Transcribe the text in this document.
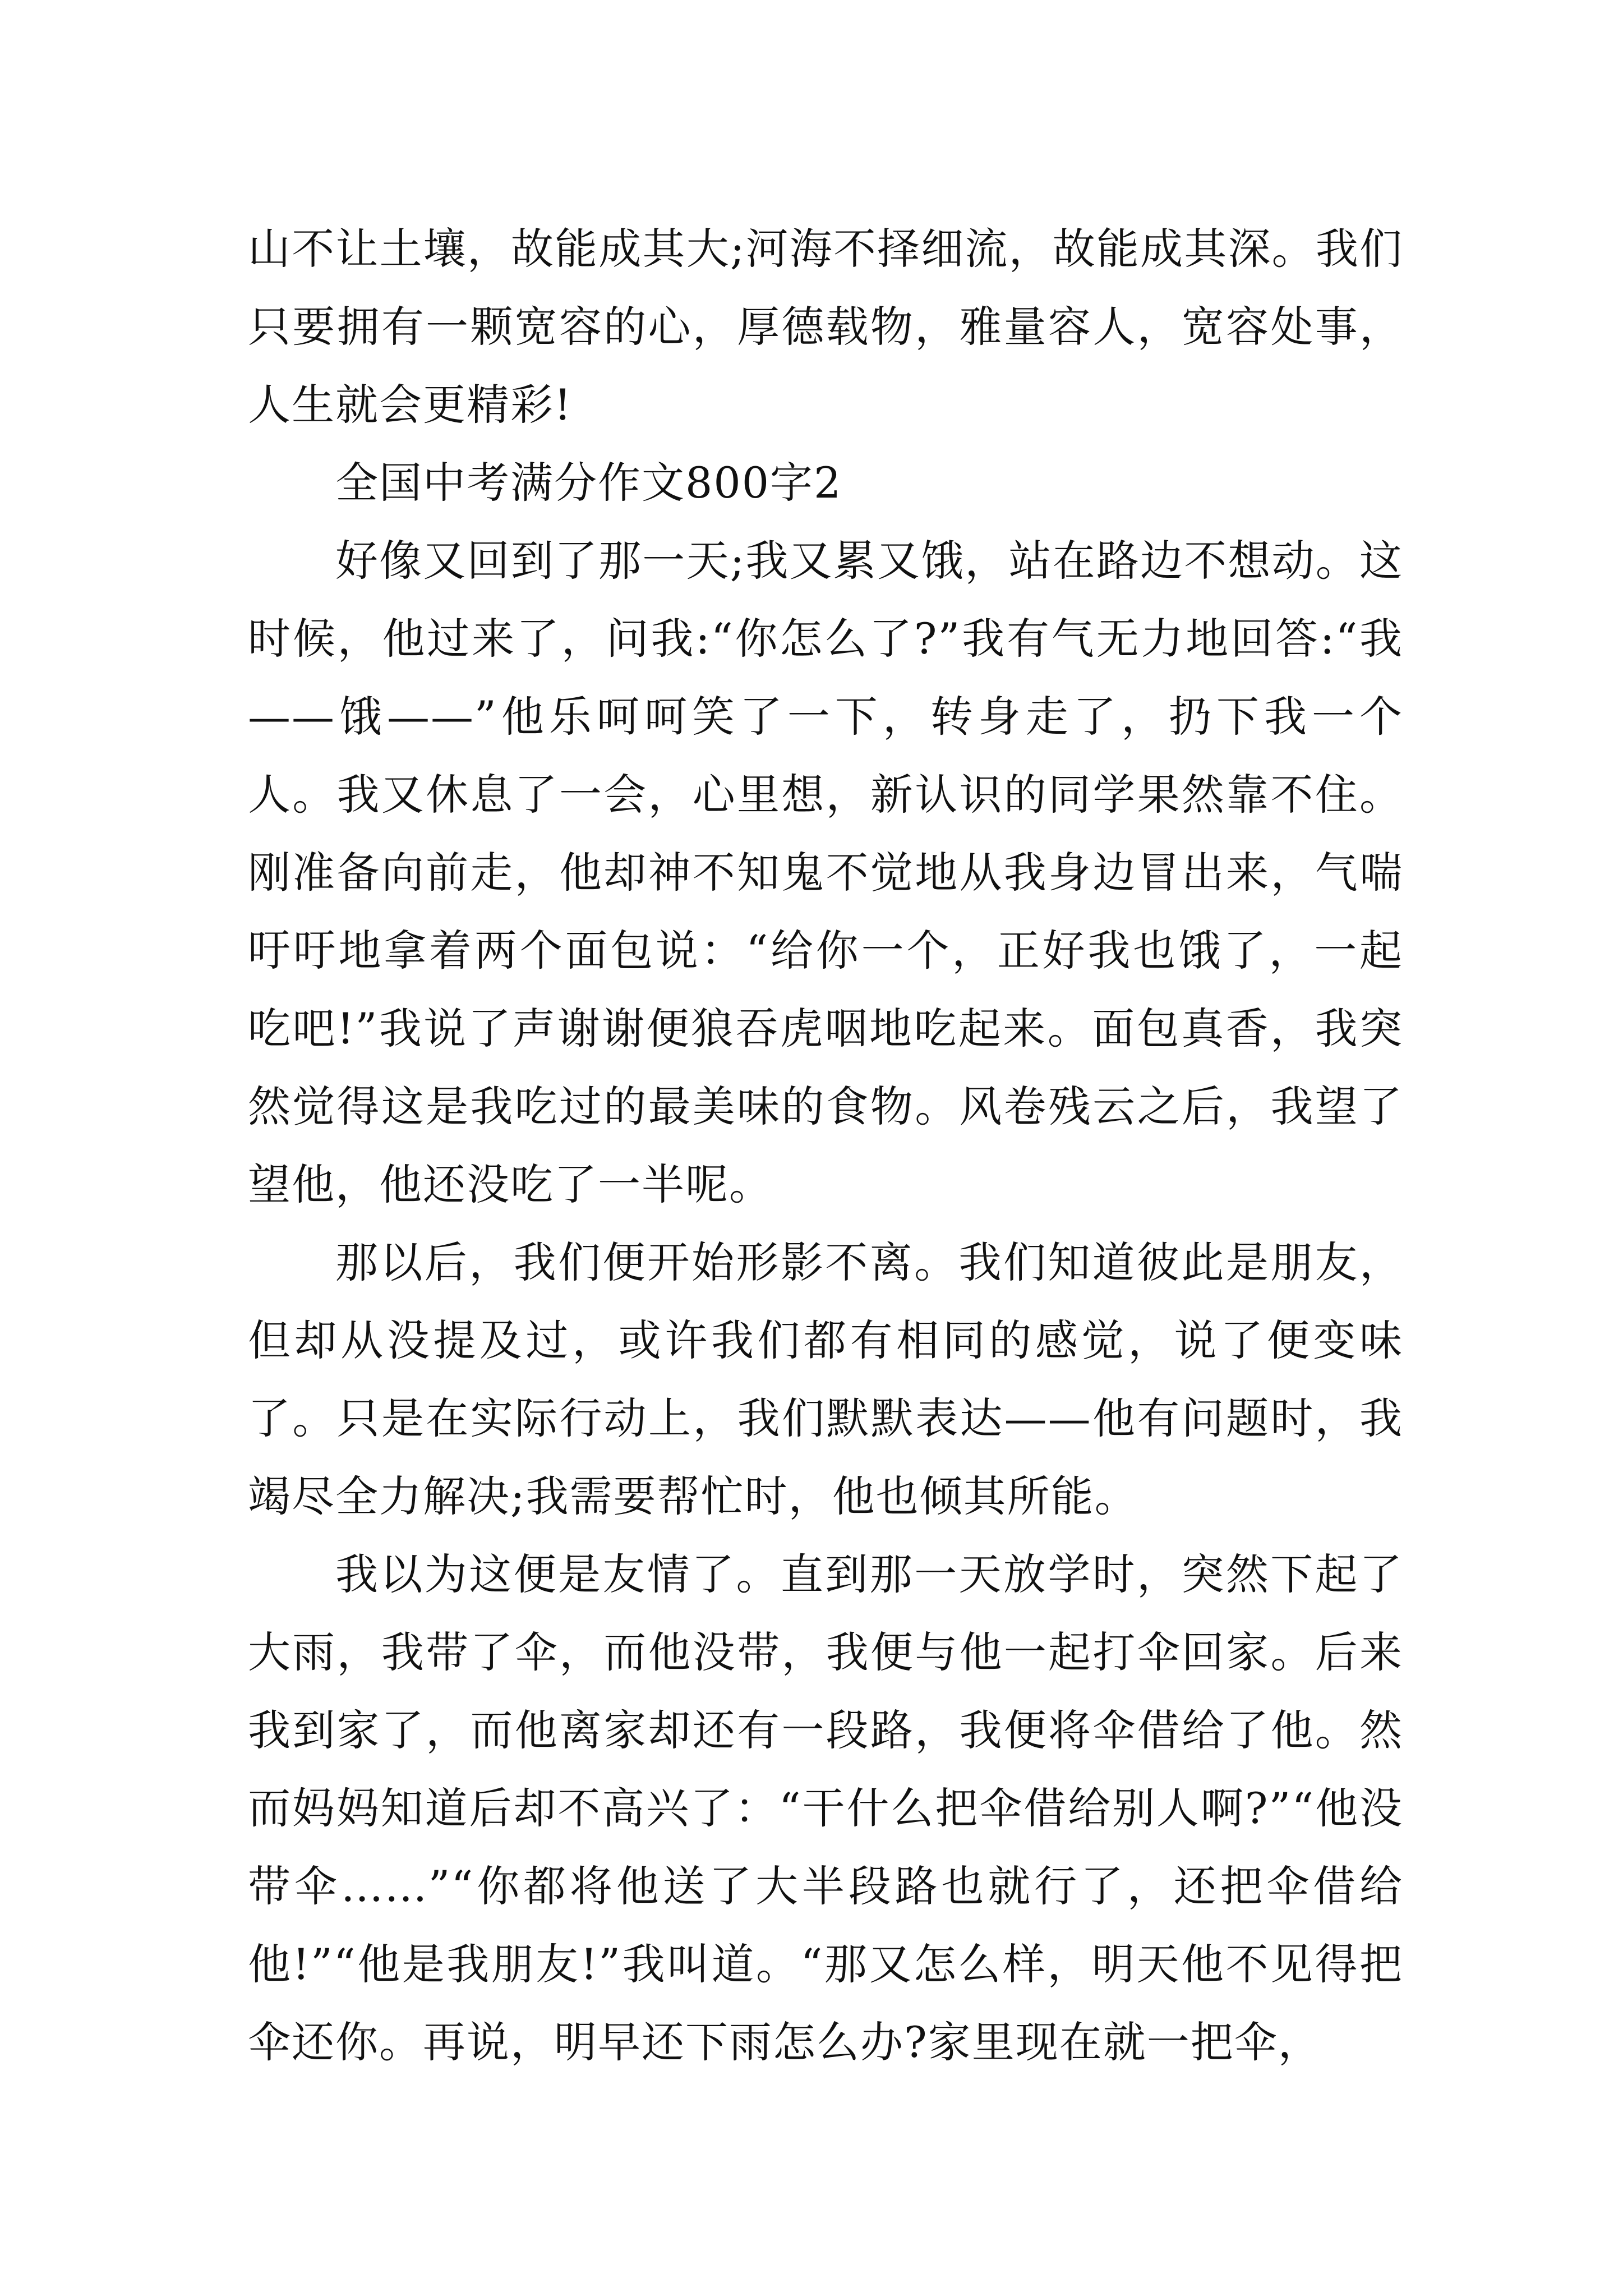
山不让土壤，故能成其大;河海不择细流，故能成其深。我们只要拥有一颗宽容的心，厚德载物，雅量容人，宽容处事，人生就会更精彩!

全国中考满分作文800字2

好像又回到了那一天;我又累又饿，站在路边不想动。这时候，他过来了，问我:“你怎么了?”我有气无力地回答:“我——饿——”他乐呵呵笑了一下，转身走了，扔下我一个人。我又休息了一会，心里想，新认识的同学果然靠不住。刚准备向前走，他却神不知鬼不觉地从我身边冒出来，气喘吁吁地拿着两个面包说：“给你一个，正好我也饿了，一起吃吧!”我说了声谢谢便狼吞虎咽地吃起来。面包真香，我突然觉得这是我吃过的最美味的食物。风卷残云之后，我望了望他，他还没吃了一半呢。

那以后，我们便开始形影不离。我们知道彼此是朋友，但却从没提及过，或许我们都有相同的感觉，说了便变味了。只是在实际行动上，我们默默表达——他有问题时，我竭尽全力解决;我需要帮忙时，他也倾其所能。

我以为这便是友情了。直到那一天放学时，突然下起了大雨，我带了伞，而他没带，我便与他一起打伞回家。后来我到家了，而他离家却还有一段路，我便将伞借给了他。然而妈妈知道后却不高兴了：“干什么把伞借给别人啊?”“他没带伞……”“你都将他送了大半段路也就行了，还把伞借给他!”“他是我朋友!”我叫道。“那又怎么样，明天他不见得把伞还你。再说，明早还下雨怎么办?家里现在就一把伞，
